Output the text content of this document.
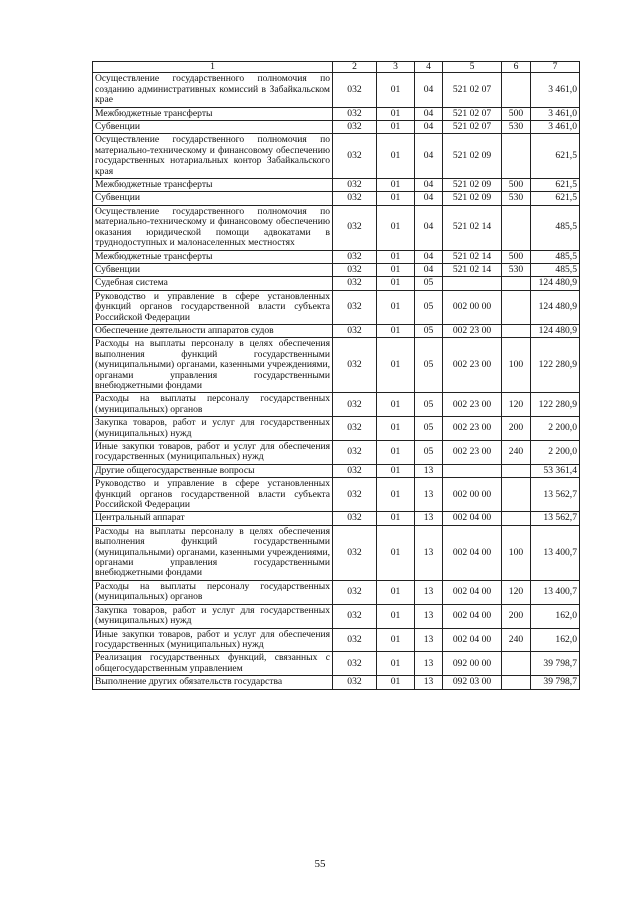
1	2	3	4	5	6	7
Осуществление государственного полномочия по созданию административных комиссий в Забайкальском крае	032	01	04	521 02 07		3 461,0
Межбюджетные трансферты	032	01	04	521 02 07	500	3 461,0
Субвенции	032	01	04	521 02 07	530	3 461,0
Осуществление государственного полномочия по материально-техническому и финансовому обеспечению государственных нотариальных контор Забайкальского края	032	01	04	521 02 09		621,5
Межбюджетные трансферты	032	01	04	521 02 09	500	621,5
Субвенции	032	01	04	521 02 09	530	621,5
Осуществление государственного полномочия по материально-техническому и финансовому обеспечению оказания юридической помощи адвокатами в труднодоступных и малонаселенных местностях	032	01	04	521 02 14		485,5
Межбюджетные трансферты	032	01	04	521 02 14	500	485,5
Субвенции	032	01	04	521 02 14	530	485,5
Судебная система	032	01	05			124 480,9
Руководство и управление в сфере установленных функций органов государственной власти субъекта Российской Федерации	032	01	05	002 00 00		124 480,9
Обеспечение деятельности аппаратов судов	032	01	05	002 23 00		124 480,9
Расходы на выплаты персоналу в целях обеспечения выполнения функций государственными (муниципальными) органами, казенными учреждениями, органами управления государственными внебюджетными фондами	032	01	05	002 23 00	100	122 280,9
Расходы на выплаты персоналу государственных (муниципальных) органов	032	01	05	002 23 00	120	122 280,9
Закупка товаров, работ и услуг для государственных (муниципальных) нужд	032	01	05	002 23 00	200	2 200,0
Иные закупки товаров, работ и услуг для обеспечения государственных (муниципальных) нужд	032	01	05	002 23 00	240	2 200,0
Другие общегосударственные вопросы	032	01	13			53 361,4
Руководство и управление в сфере установленных функций органов государственной власти субъекта Российской Федерации	032	01	13	002 00 00		13 562,7
Центральный аппарат	032	01	13	002 04 00		13 562,7
Расходы на выплаты персоналу в целях обеспечения выполнения функций государственными (муниципальными) органами, казенными учреждениями, органами управления государственными внебюджетными фондами	032	01	13	002 04 00	100	13 400,7
Расходы на выплаты персоналу государственных (муниципальных) органов	032	01	13	002 04 00	120	13 400,7
Закупка товаров, работ и услуг для государственных (муниципальных) нужд	032	01	13	002 04 00	200	162,0
Иные закупки товаров, работ и услуг для обеспечения государственных (муниципальных) нужд	032	01	13	002 04 00	240	162,0
Реализация государственных функций, связанных с общегосударственным управлением	032	01	13	092 00 00		39 798,7
Выполнение других обязательств государства	032	01	13	092 03 00		39 798,7
55
